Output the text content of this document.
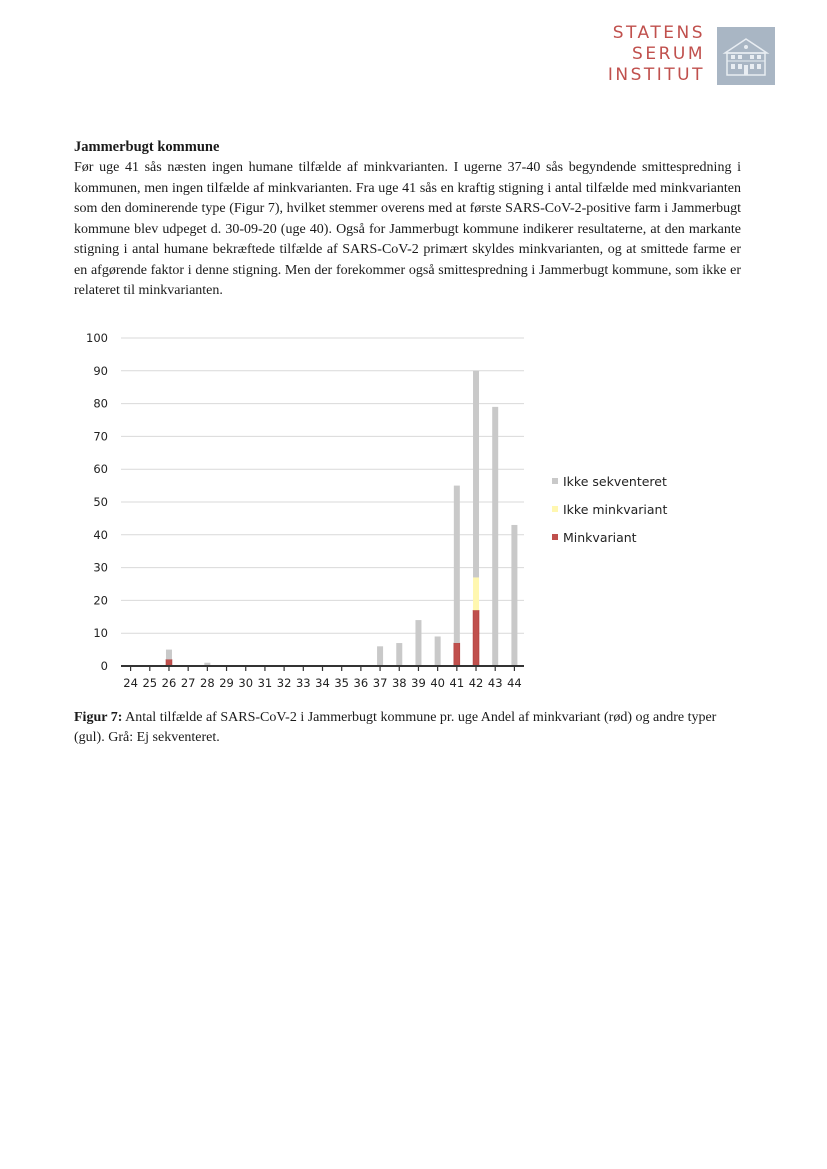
STATENS
SERUM
INSTITUT

Jammerbugt kommune

Før uge 41 sås næsten ingen humane tilfælde af minkvarianten. I ugerne 37-40 sås begyndende smittespredning i kommunen, men ingen tilfælde af minkvarianten. Fra uge 41 sås en kraftig stigning i antal tilfælde med minkvarianten som den dominerende type (Figur 7), hvilket stemmer overens med at første SARS-CoV-2-positive farm i Jammerbugt kommune blev udpeget d. 30-09-20 (uge 40). Også for Jammerbugt kommune indikerer resultaterne, at den markante stigning i antal humane bekræftede tilfælde af SARS-CoV-2 primært skyldes minkvarianten, og at smittede farme er en afgørende faktor i denne stigning. Men der forekommer også smittespredning i Jammerbugt kommune, som ikke er relateret til minkvarianten.

0
10
20
30
40
50
60
70
80
90
100
24 25 26 27 28 29 30 31 32 33 34 35 36 37 38 39 40 41 42 43 44
Ikke sekventeret
Ikke minkvariant
Minkvariant
Figur 7: Antal tilfælde af SARS-CoV-2 i Jammerbugt kommune pr. uge Andel af minkvariant (rød) og andre typer (gul). Grå: Ej sekventeret.
